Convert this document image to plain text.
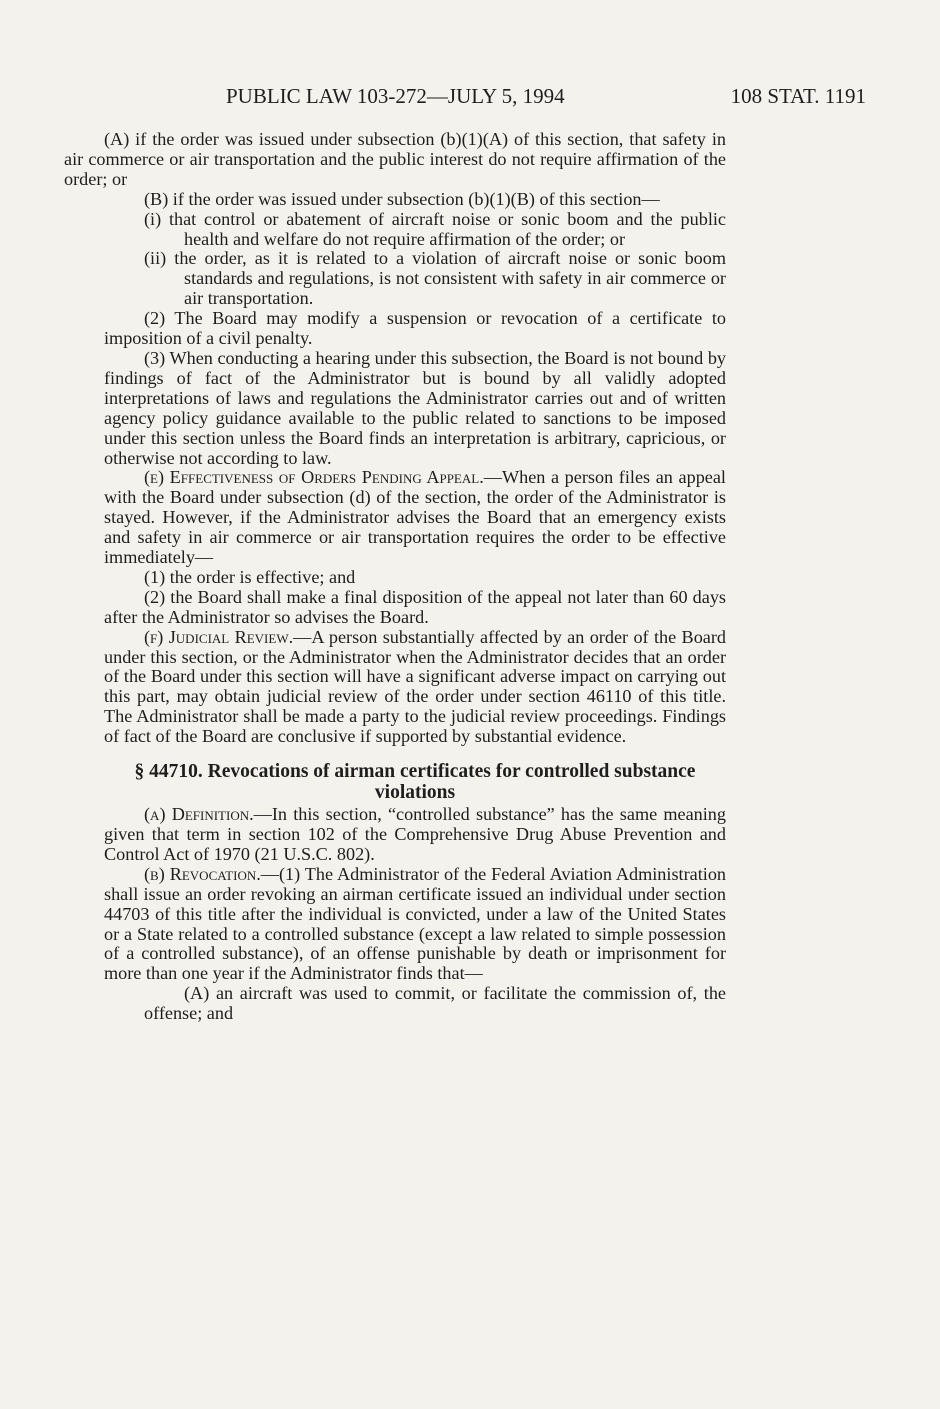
PUBLIC LAW 103-272—JULY 5, 1994	108 STAT. 1191

(A) if the order was issued under subsection (b)(1)(A) of this section, that safety in air commerce or air transportation and the public interest do not require affirmation of the order; or

(B) if the order was issued under subsection (b)(1)(B) of this section—

(i) that control or abatement of aircraft noise or sonic boom and the public health and welfare do not require affirmation of the order; or

(ii) the order, as it is related to a violation of aircraft noise or sonic boom standards and regulations, is not consistent with safety in air commerce or air transportation.

(2) The Board may modify a suspension or revocation of a certificate to imposition of a civil penalty.

(3) When conducting a hearing under this subsection, the Board is not bound by findings of fact of the Administrator but is bound by all validly adopted interpretations of laws and regulations the Administrator carries out and of written agency policy guidance available to the public related to sanctions to be imposed under this section unless the Board finds an interpretation is arbitrary, capricious, or otherwise not according to law.

(e) Effectiveness of Orders Pending Appeal.—When a person files an appeal with the Board under subsection (d) of the section, the order of the Administrator is stayed. However, if the Administrator advises the Board that an emergency exists and safety in air commerce or air transportation requires the order to be effective immediately—

(1) the order is effective; and

(2) the Board shall make a final disposition of the appeal not later than 60 days after the Administrator so advises the Board.

(f) Judicial Review.—A person substantially affected by an order of the Board under this section, or the Administrator when the Administrator decides that an order of the Board under this section will have a significant adverse impact on carrying out this part, may obtain judicial review of the order under section 46110 of this title. The Administrator shall be made a party to the judicial review proceedings. Findings of fact of the Board are conclusive if supported by substantial evidence.

§ 44710. Revocations of airman certificates for controlled substance violations

(a) Definition.—In this section, “controlled substance” has the same meaning given that term in section 102 of the Comprehensive Drug Abuse Prevention and Control Act of 1970 (21 U.S.C. 802).

(b) Revocation.—(1) The Administrator of the Federal Aviation Administration shall issue an order revoking an airman certificate issued an individual under section 44703 of this title after the individual is convicted, under a law of the United States or a State related to a controlled substance (except a law related to simple possession of a controlled substance), of an offense punishable by death or imprisonment for more than one year if the Administrator finds that—

(A) an aircraft was used to commit, or facilitate the commission of, the offense; and
